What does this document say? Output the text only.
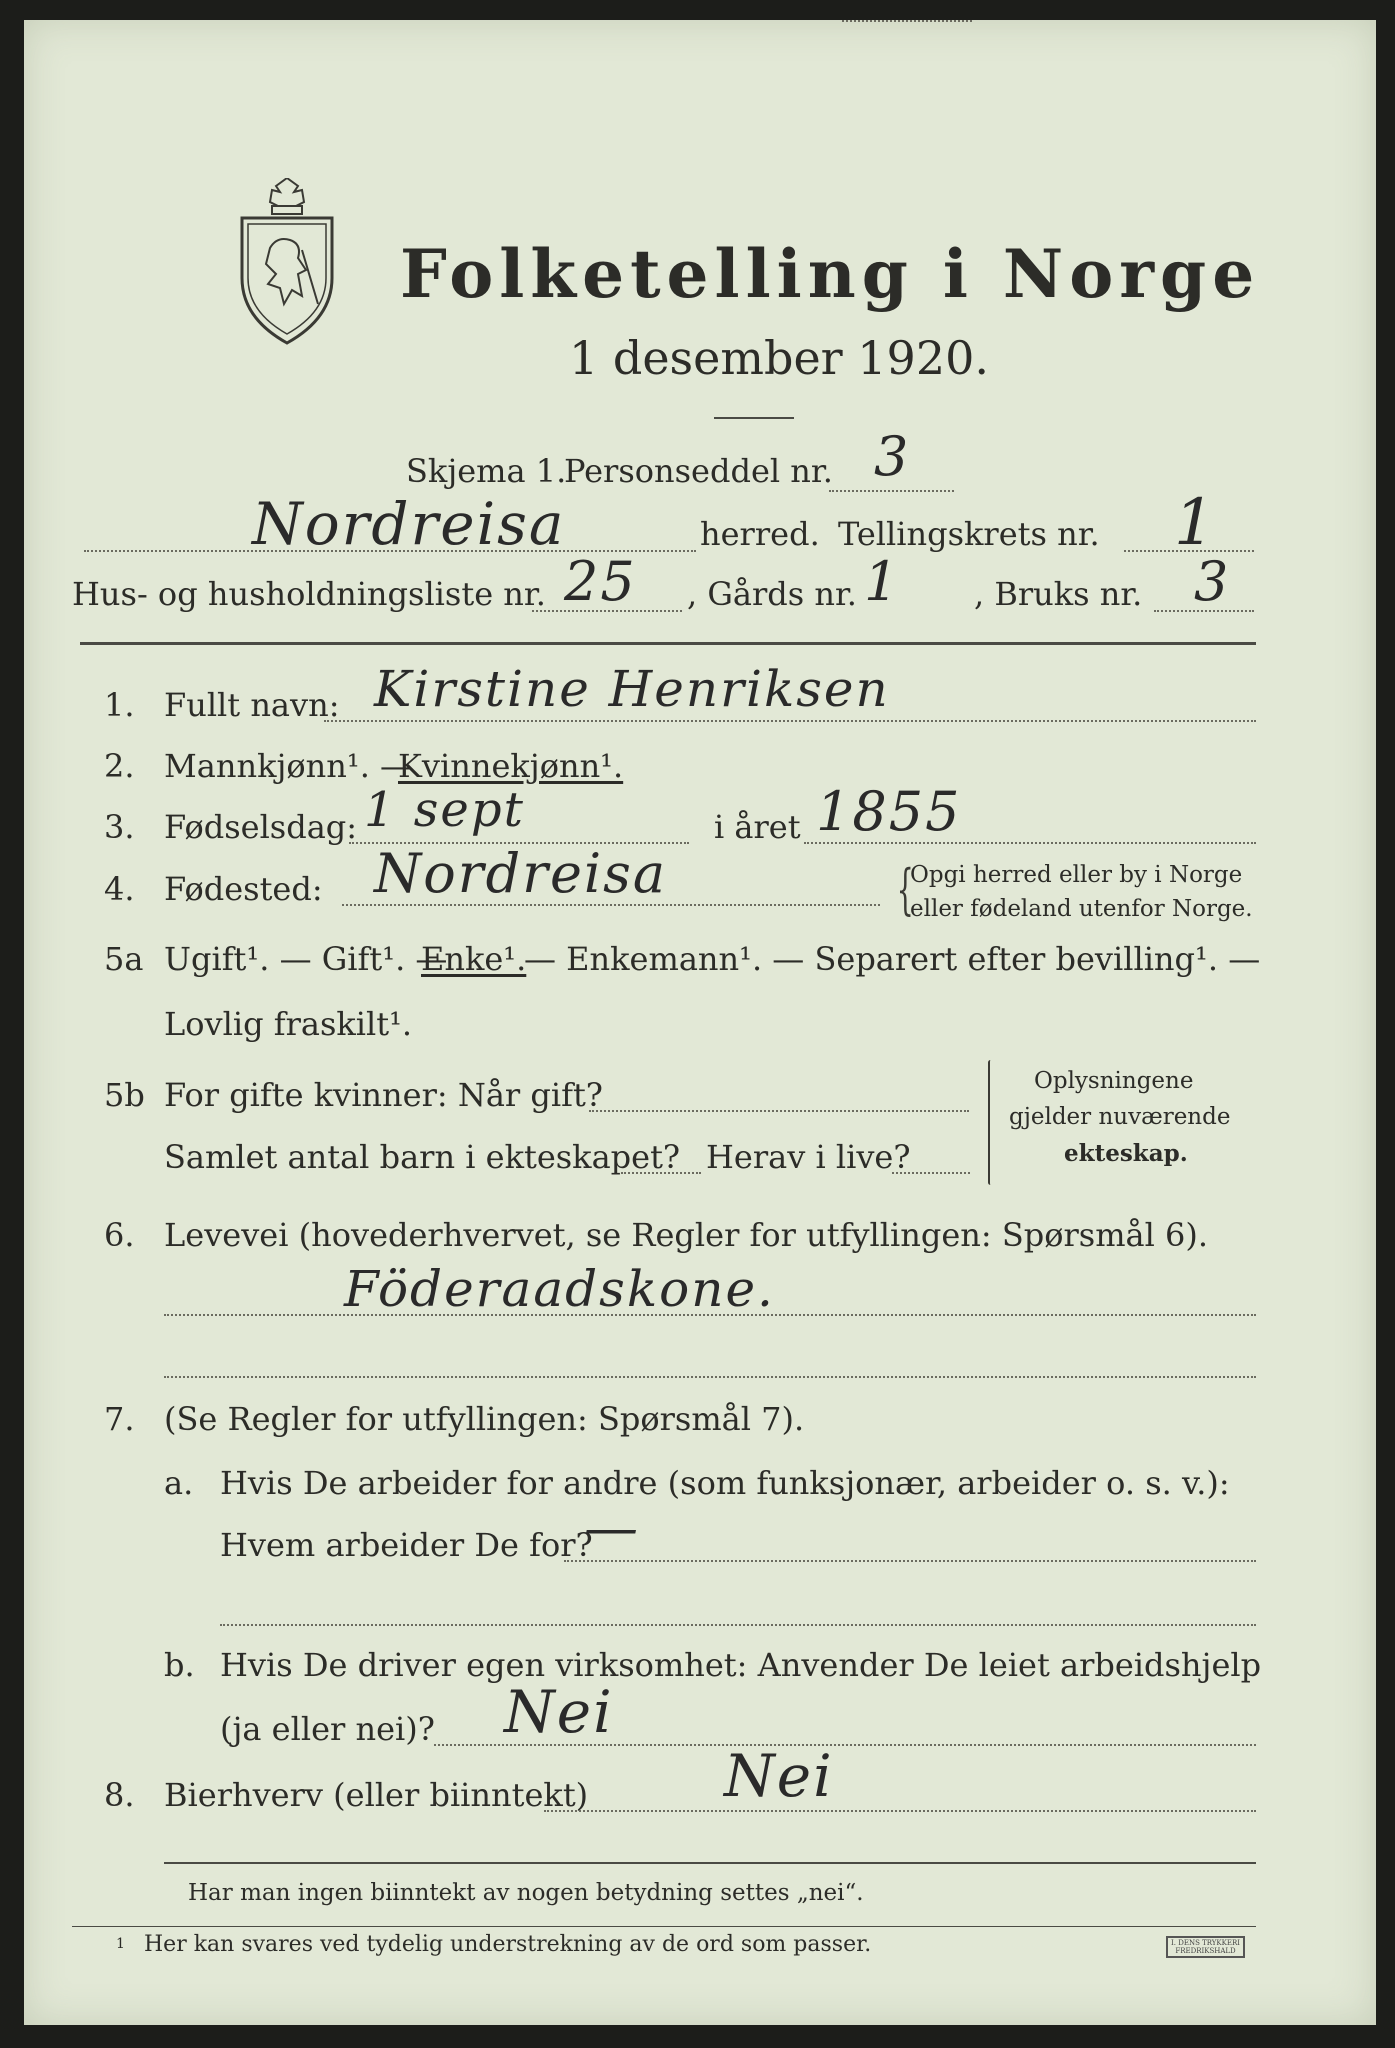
Folketelling i Norge
1 desember 1920.
Skjema 1.
Personseddel nr. 3
Nordreisa	herred. Tellingskrets nr. 1
Hus- og husholdningsliste nr. 25 , Gårds nr. 1 , Bruks nr. 3
1. Fullt navn: Kirstine Henriksen
2. Mannkjønn¹. —
Kvinnekjønn¹.
3. Fødselsdag: 1 sept	i året 1855
4. Fødested: Nordreisa	{
Opgi herred eller by i Norge
eller fødeland utenfor Norge.
5a Ugift¹. — Gift¹. —
Enke¹.
— Enkemann¹. — Separert efter bevilling¹. —
Lovlig fraskilt¹.
5b For gifte kvinner: Når gift?
Samlet antal barn i ekteskapet? Herav i live?
Oplysningene
gjelder nuværende
ekteskap.
6. Levevei (hovederhvervet, se Regler for utfyllingen: Spørsmål 6).
Föderaadskone.
7. (Se Regler for utfyllingen: Spørsmål 7).
a. Hvis De arbeider for andre (som funksjonær, arbeider o. s. v.):
Hvem arbeider De for?
—
b. Hvis De driver egen virksomhet: Anvender De leiet arbeidshjelp
(ja eller nei)? Nei
8. Bierhverv (eller biinntekt) Nei
Har man ingen biinntekt av nogen betydning settes „nei“.
1 Her kan svares ved tydelig understrekning av de ord som passer.	I. DENS TRYKKERI
FREDRIKSHALD
